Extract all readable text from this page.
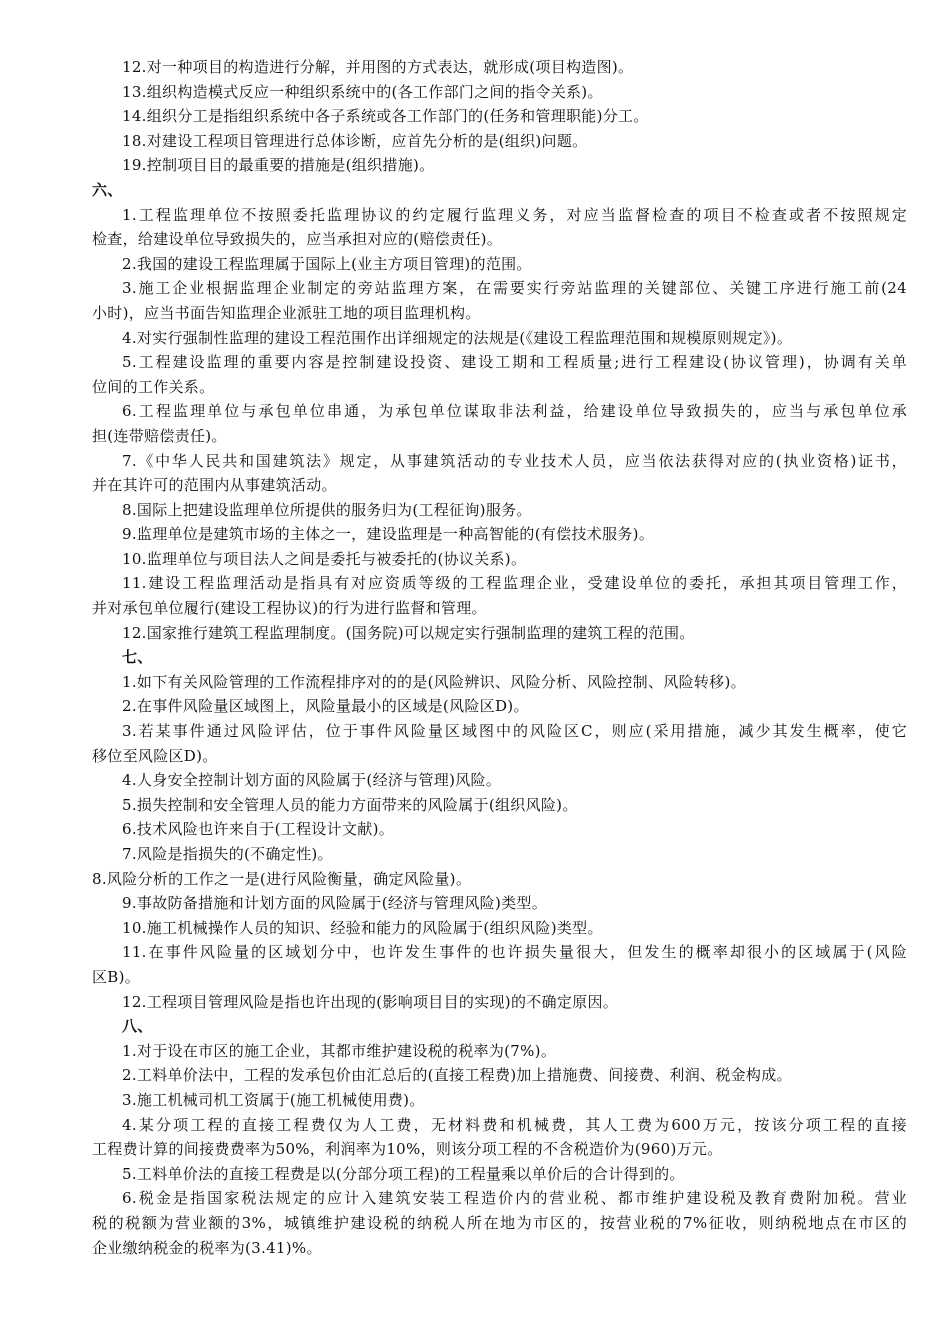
12.对一种项目的构造进行分解，并用图的方式表达，就形成(项目构造图)。
13.组织构造模式反应一种组织系统中的(各工作部门之间的指令关系)。
14.组织分工是指组织系统中各子系统或各工作部门的(任务和管理职能)分工。
18.对建设工程项目管理进行总体诊断，应首先分析的是(组织)问题。
19.控制项目目的最重要的措施是(组织措施)。
六、
1.工程监理单位不按照委托监理协议的约定履行监理义务，对应当监督检查的项目不检查或者不按照规定
检查，给建设单位导致损失的，应当承担对应的(赔偿责任)。
2.我国的建设工程监理属于国际上(业主方项目管理)的范围。
3.施工企业根据监理企业制定的旁站监理方案，在需要实行旁站监理的关键部位、关键工序进行施工前(24
小时)，应当书面告知监理企业派驻工地的项目监理机构。
4.对实行强制性监理的建设工程范围作出详细规定的法规是(《建设工程监理范围和规模原则规定》)。
5.工程建设监理的重要内容是控制建设投资、建设工期和工程质量;进行工程建设(协议管理)，协调有关单
位间的工作关系。
6.工程监理单位与承包单位串通，为承包单位谋取非法利益，给建设单位导致损失的，应当与承包单位承
担(连带赔偿责任)。
7.《中华人民共和国建筑法》规定，从事建筑活动的专业技术人员，应当依法获得对应的(执业资格)证书，
并在其许可的范围内从事建筑活动。
8.国际上把建设监理单位所提供的服务归为(工程征询)服务。
9.监理单位是建筑市场的主体之一，建设监理是一种高智能的(有偿技术服务)。
10.监理单位与项目法人之间是委托与被委托的(协议关系)。
11.建设工程监理活动是指具有对应资质等级的工程监理企业，受建设单位的委托，承担其项目管理工作，
并对承包单位履行(建设工程协议)的行为进行监督和管理。
12.国家推行建筑工程监理制度。(国务院)可以规定实行强制监理的建筑工程的范围。
七、
1.如下有关风险管理的工作流程排序对的的是(风险辨识、风险分析、风险控制、风险转移)。
2.在事件风险量区域图上，风险量最小的区域是(风险区D)。
3.若某事件通过风险评估，位于事件风险量区域图中的风险区C，则应(采用措施，减少其发生概率，使它
移位至风险区D)。
4.人身安全控制计划方面的风险属于(经济与管理)风险。
5.损失控制和安全管理人员的能力方面带来的风险属于(组织风险)。
6.技术风险也许来自于(工程设计文献)。
7.风险是指损失的(不确定性)。
8.风险分析的工作之一是(进行风险衡量，确定风险量)。
9.事故防备措施和计划方面的风险属于(经济与管理风险)类型。
10.施工机械操作人员的知识、经验和能力的风险属于(组织风险)类型。
11.在事件风险量的区域划分中，也许发生事件的也许损失量很大，但发生的概率却很小的区域属于(风险
区B)。
12.工程项目管理风险是指也许出现的(影响项目目的实现)的不确定原因。
八、
1.对于设在市区的施工企业，其都市维护建设税的税率为(7%)。
2.工料单价法中，工程的发承包价由汇总后的(直接工程费)加上措施费、间接费、利润、税金构成。
3.施工机械司机工资属于(施工机械使用费)。
4.某分项工程的直接工程费仅为人工费，无材料费和机械费，其人工费为600万元，按该分项工程的直接
工程费计算的间接费费率为50%，利润率为10%，则该分项工程的不含税造价为(960)万元。
5.工料单价法的直接工程费是以(分部分项工程)的工程量乘以单价后的合计得到的。
6.税金是指国家税法规定的应计入建筑安装工程造价内的营业税、都市维护建设税及教育费附加税。营业
税的税额为营业额的3%，城镇维护建设税的纳税人所在地为市区的，按营业税的7%征收，则纳税地点在市区的
企业缴纳税金的税率为(3.41)%。
